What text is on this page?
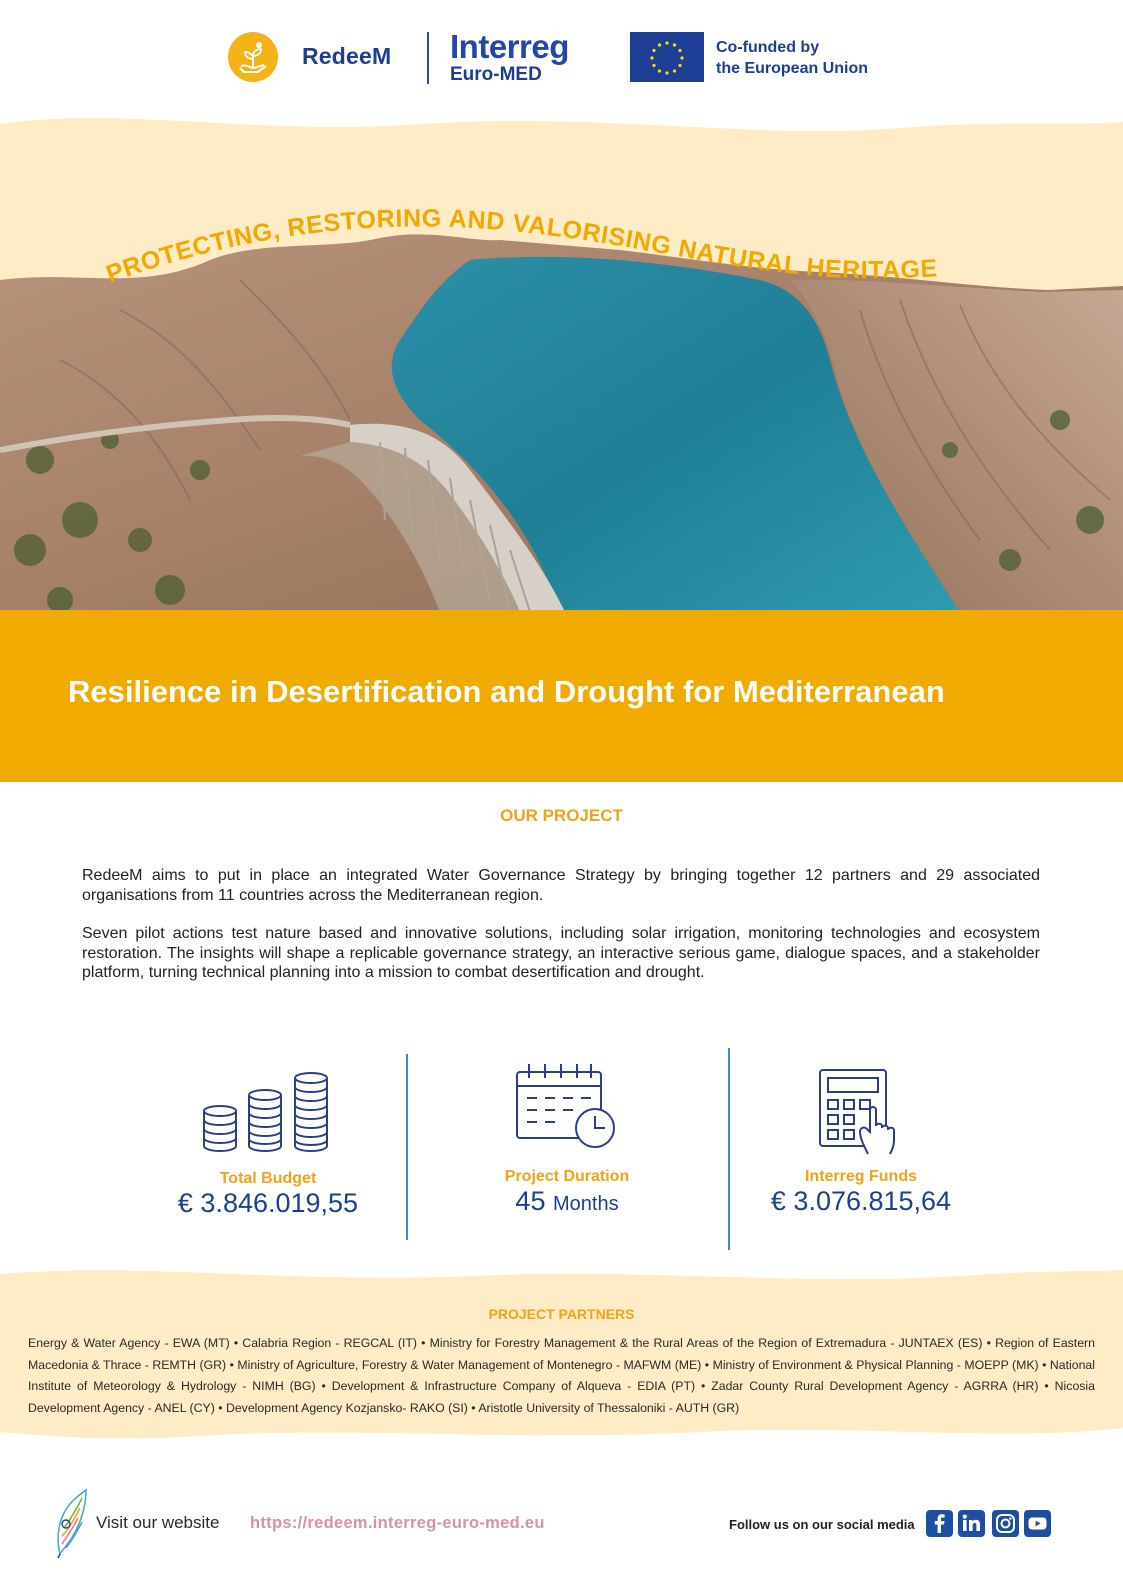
RedeeM Interreg
Euro-MED
Co-funded by
the European Union
PROTECTING, RESTORING AND VALORISING NATURAL HERITAGE
Resilience in Desertification and Drought for Mediterranean
OUR PROJECT

RedeeM aims to put in place an integrated Water Governance Strategy by bringing together 12 partners and 29 associated organisations from 11 countries across the Mediterranean region.

Seven pilot actions test nature based and innovative solutions, including solar irrigation, monitoring technologies and ecosystem restoration. The insights will shape a replicable governance strategy, an interactive serious game, dialogue spaces, and a stakeholder platform, turning technical planning into a mission to combat desertification and drought.

Total Budget
€ 3.846.019,55
Project Duration
45 Months
Interreg Funds
€ 3.076.815,64
PROJECT PARTNERS

Energy & Water Agency - EWA (MT) • Calabria Region - REGCAL (IT) • Ministry for Forestry Management & the Rural Areas of the Region of Extremadura - JUNTAEX (ES) • Region of Eastern Macedonia & Thrace - REMTH (GR) • Ministry of Agriculture, Forestry & Water Management of Montenegro - MAFWM (ME) • Ministry of Environment & Physical Planning - MOEPP (MK) • National Institute of Meteorology & Hydrology - NIMH (BG) • Development & Infrastructure Company of Alqueva - EDIA (PT) • Zadar County Rural Development Agency - AGRRA (HR) • Nicosia Development Agency - ANEL (CY) • Development Agency Kozjansko- RAKO (SI) • Aristotle University of Thessaloniki - AUTH (GR)

Visit our website https://redeem.interreg-euro-med.eu	Follow us on our social media
